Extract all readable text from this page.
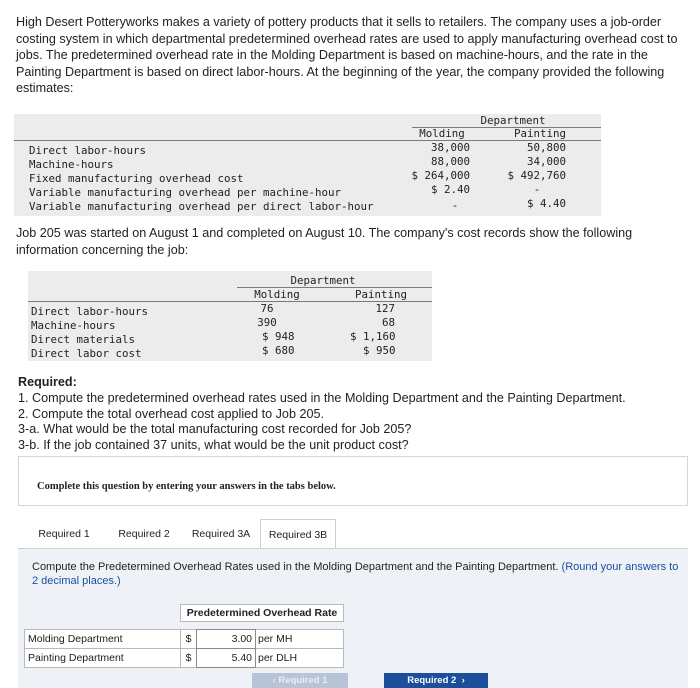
High Desert Potteryworks makes a variety of pottery products that it sells to retailers. The company uses a job-order costing system in which departmental predetermined overhead rates are used to apply manufacturing overhead cost to jobs. The predetermined overhead rate in the Molding Department is based on machine-hours, and the rate in the Painting Department is based on direct labor-hours. At the beginning of the year, the company provided the following estimates:
Department
Molding	Painting
Direct labor-hours	38,000	50,800
Machine-hours	88,000	34,000
Fixed manufacturing overhead cost	$ 264,000	$ 492,760
Variable manufacturing overhead per machine-hour	$ 2.40	-
Variable manufacturing overhead per direct labor-hour	-	$ 4.40
Job 205 was started on August 1 and completed on August 10. The company's cost records show the following information concerning the job:
Department
Molding	Painting
Direct labor-hours	76	127
Machine-hours	390	68
Direct materials	$ 948	$ 1,160
Direct labor cost	$ 680	$ 950
Required:
1. Compute the predetermined overhead rates used in the Molding Department and the Painting Department.
2. Compute the total overhead cost applied to Job 205.
3-a. What would be the total manufacturing cost recorded for Job 205?
3-b. If the job contained 37 units, what would be the unit product cost?
Complete this question by entering your answers in the tabs below.
Required 1	Required 2	Required 3A	Required 3B
Compute the Predetermined Overhead Rates used in the Molding Department and the Painting Department. (Round your answers to 2 decimal places.)
Predetermined Overhead Rate
Molding Department	$	3.00 per MH
Painting Department	$	5.40 per DLH
‹
Required 1	Required 2
›
